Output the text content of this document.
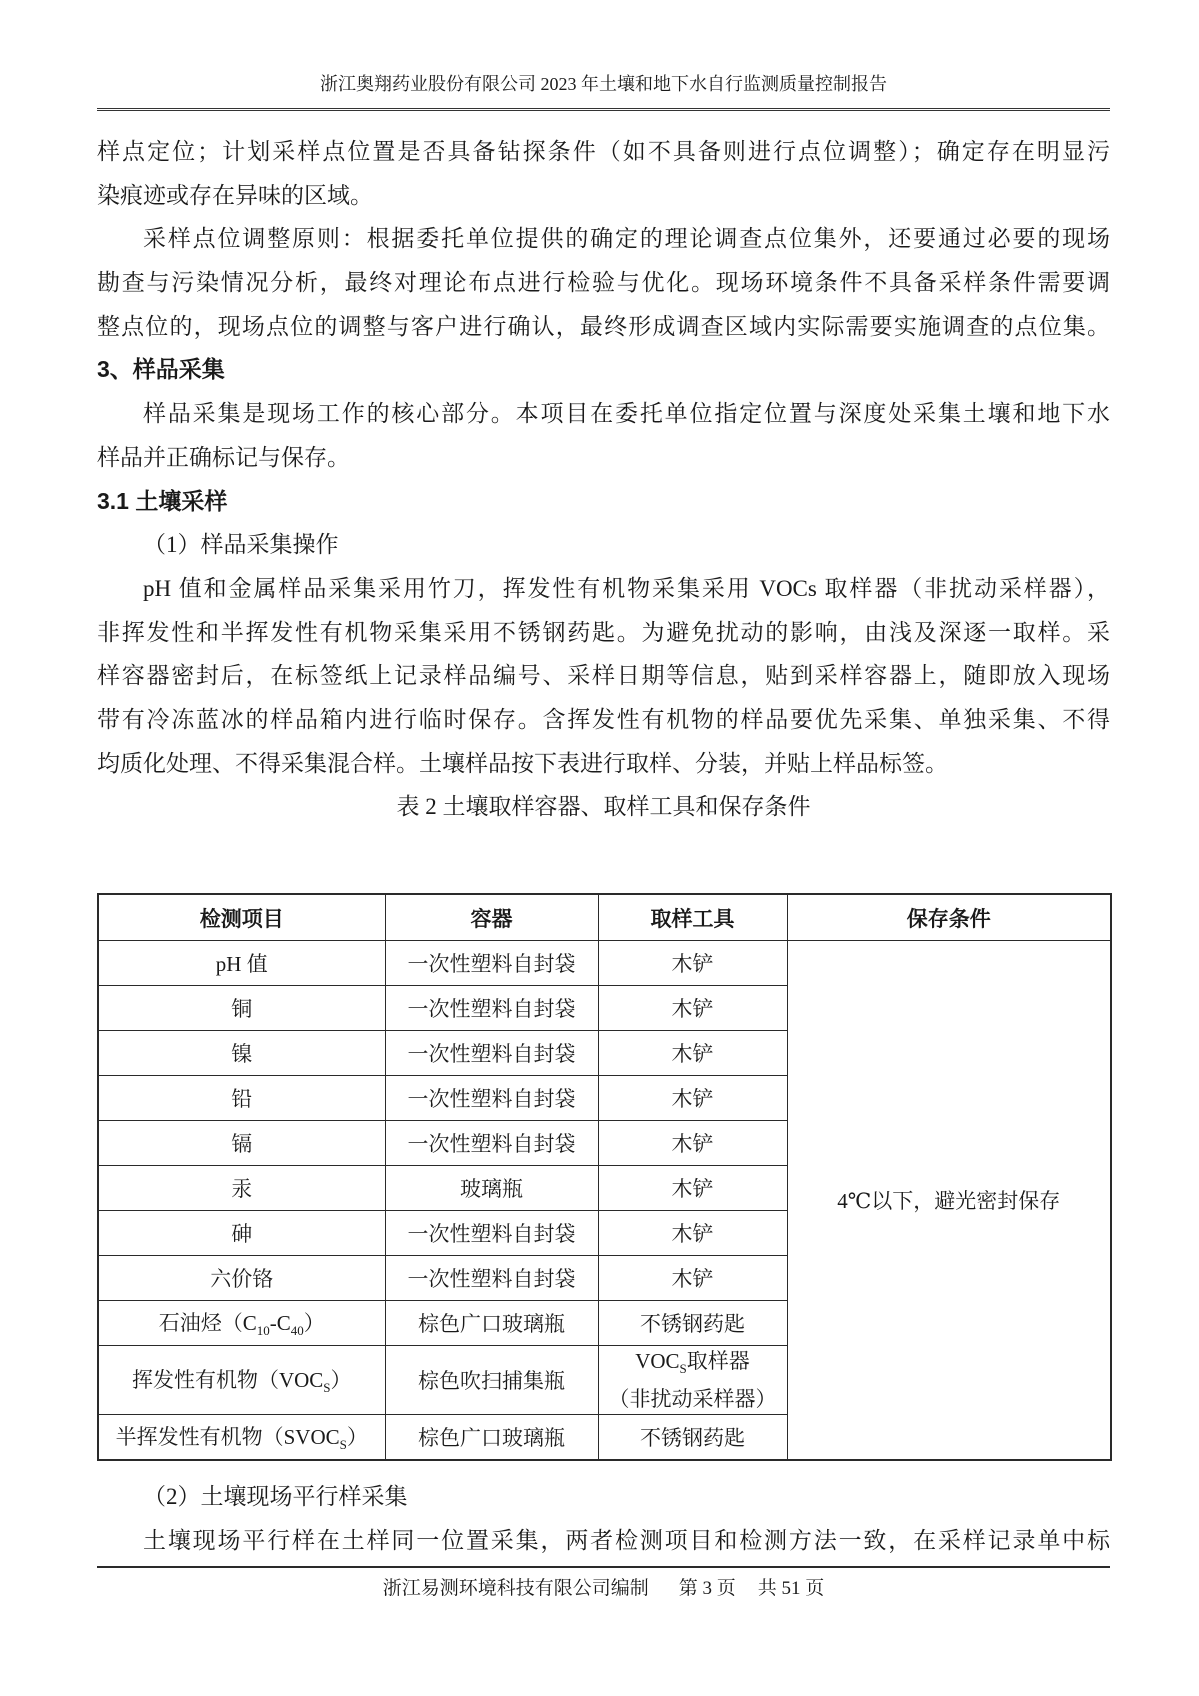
浙江奥翔药业股份有限公司 2023 年土壤和地下水自行监测质量控制报告
样点定位；计划采样点位置是否具备钻探条件（如不具备则进行点位调整）；确定存在明显污
染痕迹或存在异味的区域。
采样点位调整原则：根据委托单位提供的确定的理论调查点位集外，还要通过必要的现场
勘查与污染情况分析，最终对理论布点进行检验与优化。现场环境条件不具备采样条件需要调
整点位的，现场点位的调整与客户进行确认，最终形成调查区域内实际需要实施调查的点位集。
3、样品采集
样品采集是现场工作的核心部分。本项目在委托单位指定位置与深度处采集土壤和地下水
样品并正确标记与保存。
3.1 土壤采样
（1）样品采集操作
pH 值和金属样品采集采用竹刀，挥发性有机物采集采用 VOCs 取样器（非扰动采样器），
非挥发性和半挥发性有机物采集采用不锈钢药匙。为避免扰动的影响，由浅及深逐一取样。采
样容器密封后，在标签纸上记录样品编号、采样日期等信息，贴到采样容器上，随即放入现场
带有冷冻蓝冰的样品箱内进行临时保存。含挥发性有机物的样品要优先采集、单独采集、不得
均质化处理、不得采集混合样。土壤样品按下表进行取样、分装，并贴上样品标签。
表 2 土壤取样容器、取样工具和保存条件
检测项目	容器	取样工具	保存条件
pH 值	一次性塑料自封袋	木铲	4℃以下，避光密封保存
铜	一次性塑料自封袋	木铲	
镍	一次性塑料自封袋	木铲	
铅	一次性塑料自封袋	木铲	
镉	一次性塑料自封袋	木铲	
汞	玻璃瓶	木铲	
砷	一次性塑料自封袋	木铲	
六价铬	一次性塑料自封袋	木铲	
石油烃$(C_{10}-C_{40})$	棕色广口玻璃瓶	不锈钢药匙	
挥发性有机物$(VOC_S)$	棕色吹扫捕集瓶	$VOC_S$取样器
（非扰动采样器）	

半挥发性有机物$(SVOC_S)$	棕色广口玻璃瓶	不锈钢药匙	
（2）土壤现场平行样采集
土壤现场平行样在土样同一位置采集，两者检测项目和检测方法一致，在采样记录单中标
浙江易测环境科技有限公司编制 第 3 页 共 51 页
